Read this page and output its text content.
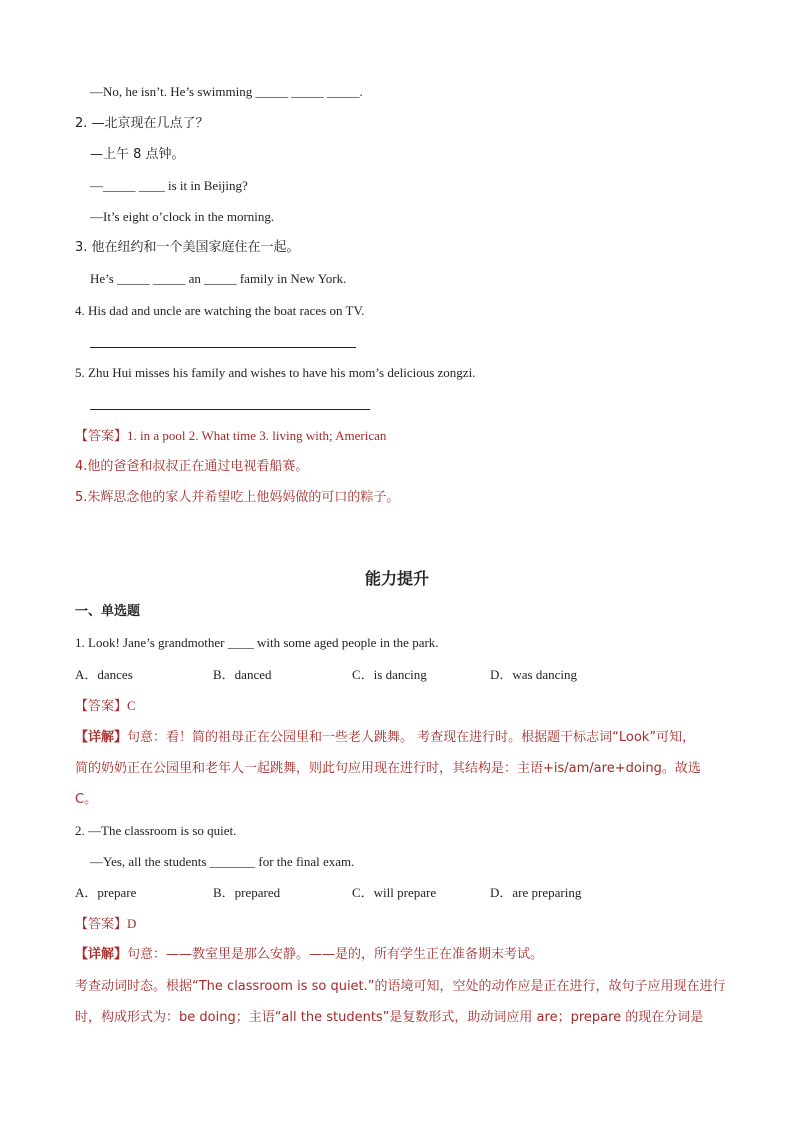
—No, he isn’t. He’s swimming _____ _____ _____.
2. —北京现在几点了？
—上午 8 点钟。
—_____ ____ is it in Beijing?
—It’s eight o’clock in the morning.
3. 他在纽约和一个美国家庭住在一起。
He’s _____ _____ an _____ family in New York.
4. His dad and uncle are watching the boat races on TV.
5. Zhu Hui misses his family and wishes to have his mom’s delicious zongzi.
【答案】1. in a pool 2. What time 3. living with; American
4.他的爸爸和叔叔正在通过电视看船赛。
5.朱辉思念他的家人并希望吃上他妈妈做的可口的粽子。
能力提升
一、单选题
1. Look! Jane’s grandmother ____ with some aged people in the park.
A．dances	B．danced	C．is dancing	D．was dancing
【答案】C
【详解】句意：看！简的祖母正在公园里和一些老人跳舞。 考查现在进行时。根据题干标志词“Look”可知，
简的奶奶正在公园里和老年人一起跳舞，则此句应用现在进行时，其结构是：主语+is/am/are+doing。故选
C。
2. —The classroom is so quiet.
—Yes, all the students _______ for the final exam.
A．prepare	B．prepared	C．will prepare	D．are preparing
【答案】D
【详解】句意：——教室里是那么安静。——是的，所有学生正在准备期末考试。
考查动词时态。根据“The classroom is so quiet.”的语境可知，空处的动作应是正在进行，故句子应用现在进行
时，构成形式为：be doing；主语“all the students”是复数形式，助动词应用 are；prepare 的现在分词是
